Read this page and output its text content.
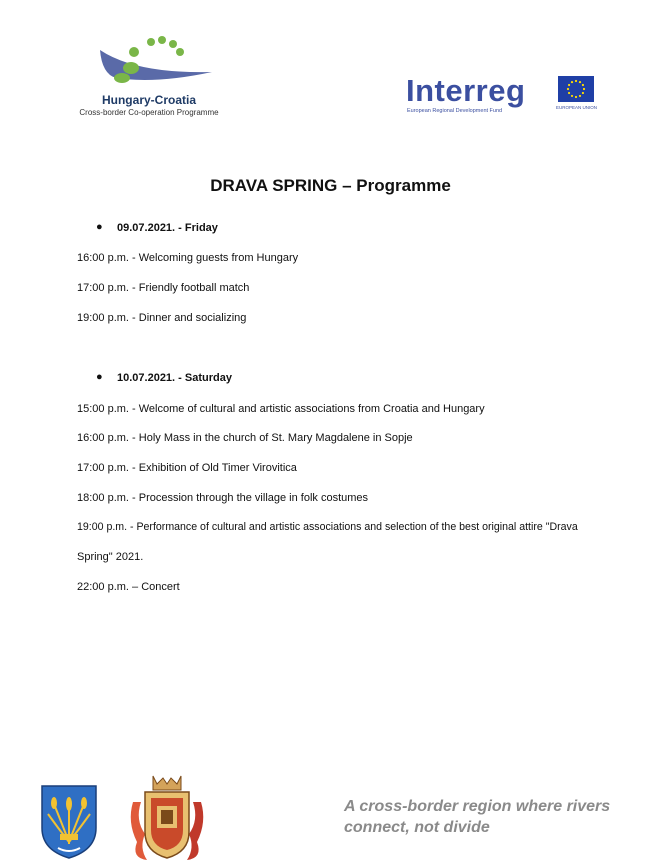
Hungary-Croatia
Cross-border Co-operation Programme
Interreg
European Regional Development Fund
EUROPEAN UNION
DRAVA SPRING – Programme
● 09.07.2021. - Friday
16:00 p.m. - Welcoming guests from Hungary
17:00 p.m. - Friendly football match
19:00 p.m. - Dinner and socializing
● 10.07.2021. - Saturday
15:00 p.m. - Welcome of cultural and artistic associations from Croatia and Hungary
16:00 p.m. - Holy Mass in the church of St. Mary Magdalene in Sopje
17:00 p.m. - Exhibition of Old Timer Virovitica
18:00 p.m. - Procession through the village in folk costumes
19:00 p.m. - Performance of cultural and artistic associations and selection of the best original attire "Drava
Spring" 2021.
22:00 p.m. – Concert
A cross-border region where rivers
connect, not divide
